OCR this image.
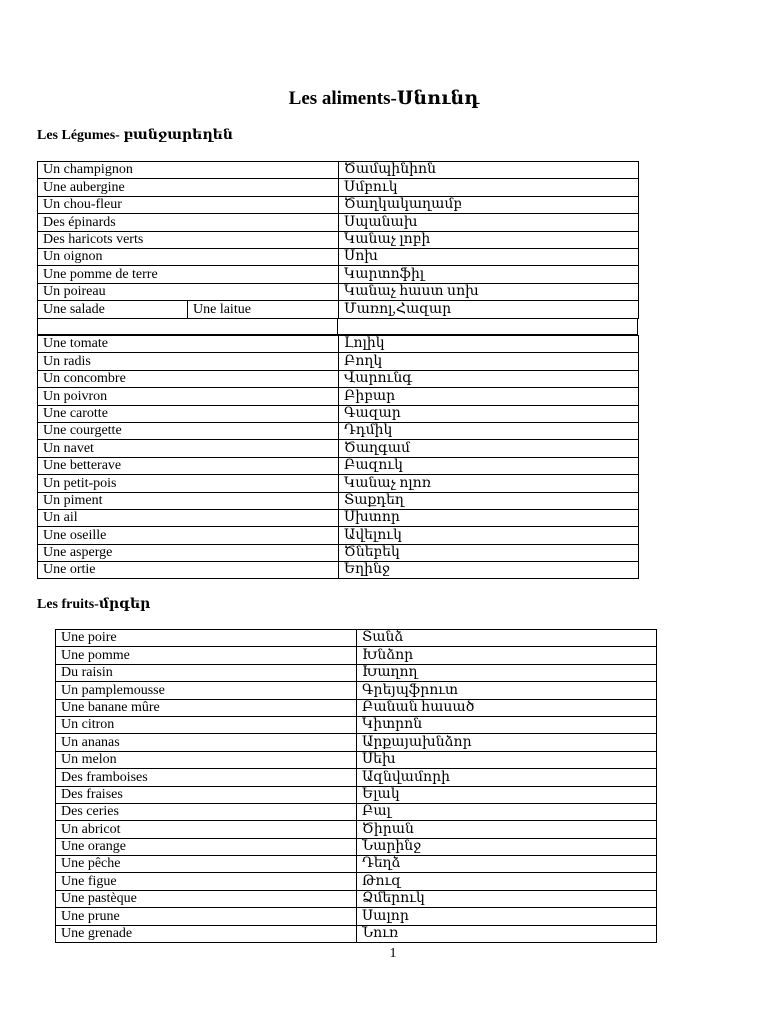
Les aliments-Սնունդ
Les Légumes- բանջարեղեն
Un champignon		Ծամպինիոն
Une aubergine		Սմբուկ
Un chou-fleur		Ծաղկակաղամբ
Des épinards		Սպանախ
Des haricots verts		Կանաչ լոբի
Un oignon		Սոխ
Une pomme de terre		Կարտոֆիլ
Un poireau		Կանաչ հաստ սոխ
Une salade	Une laitue	Մառոլ,Հազար
Une tomate	Լոլիկ
Un radis	Բողկ
Un concombre	Վարունգ
Un poivron	Բիբար
Une carotte	Գազար
Une courgette	Դդմիկ
Un navet	Ծաղգամ
Une betterave	Բազուկ
Un petit-pois	Կանաչ ոլոռ
Un piment	Տաքդեղ
Un ail	Սխտոր
Une oseille	Ավելուկ
Une asperge	Ծնեբեկ
Une ortie	Եղինջ
Les fruits-մրգեր
Une poire	Տանձ
Une pomme	Խնձոր
Du raisin	Խաղող
Un pamplemousse	Գրեյպֆրուտ
Une banane mûre	Բանան հասած
Un citron	Կիտրոն
Un ananas	Արքայախնձոր
Un melon	Սեխ
Des framboises	Ազնվամորի
Des fraises	Ելակ
Des ceries	Բալ
Un abricot	Ծիրան
Une orange	Նարինջ
Une pêche	Դեղձ
Une figue	Թուզ
Une pastèque	Ձմերուկ
Une prune	Սալոր
Une grenade	Նուռ
1
